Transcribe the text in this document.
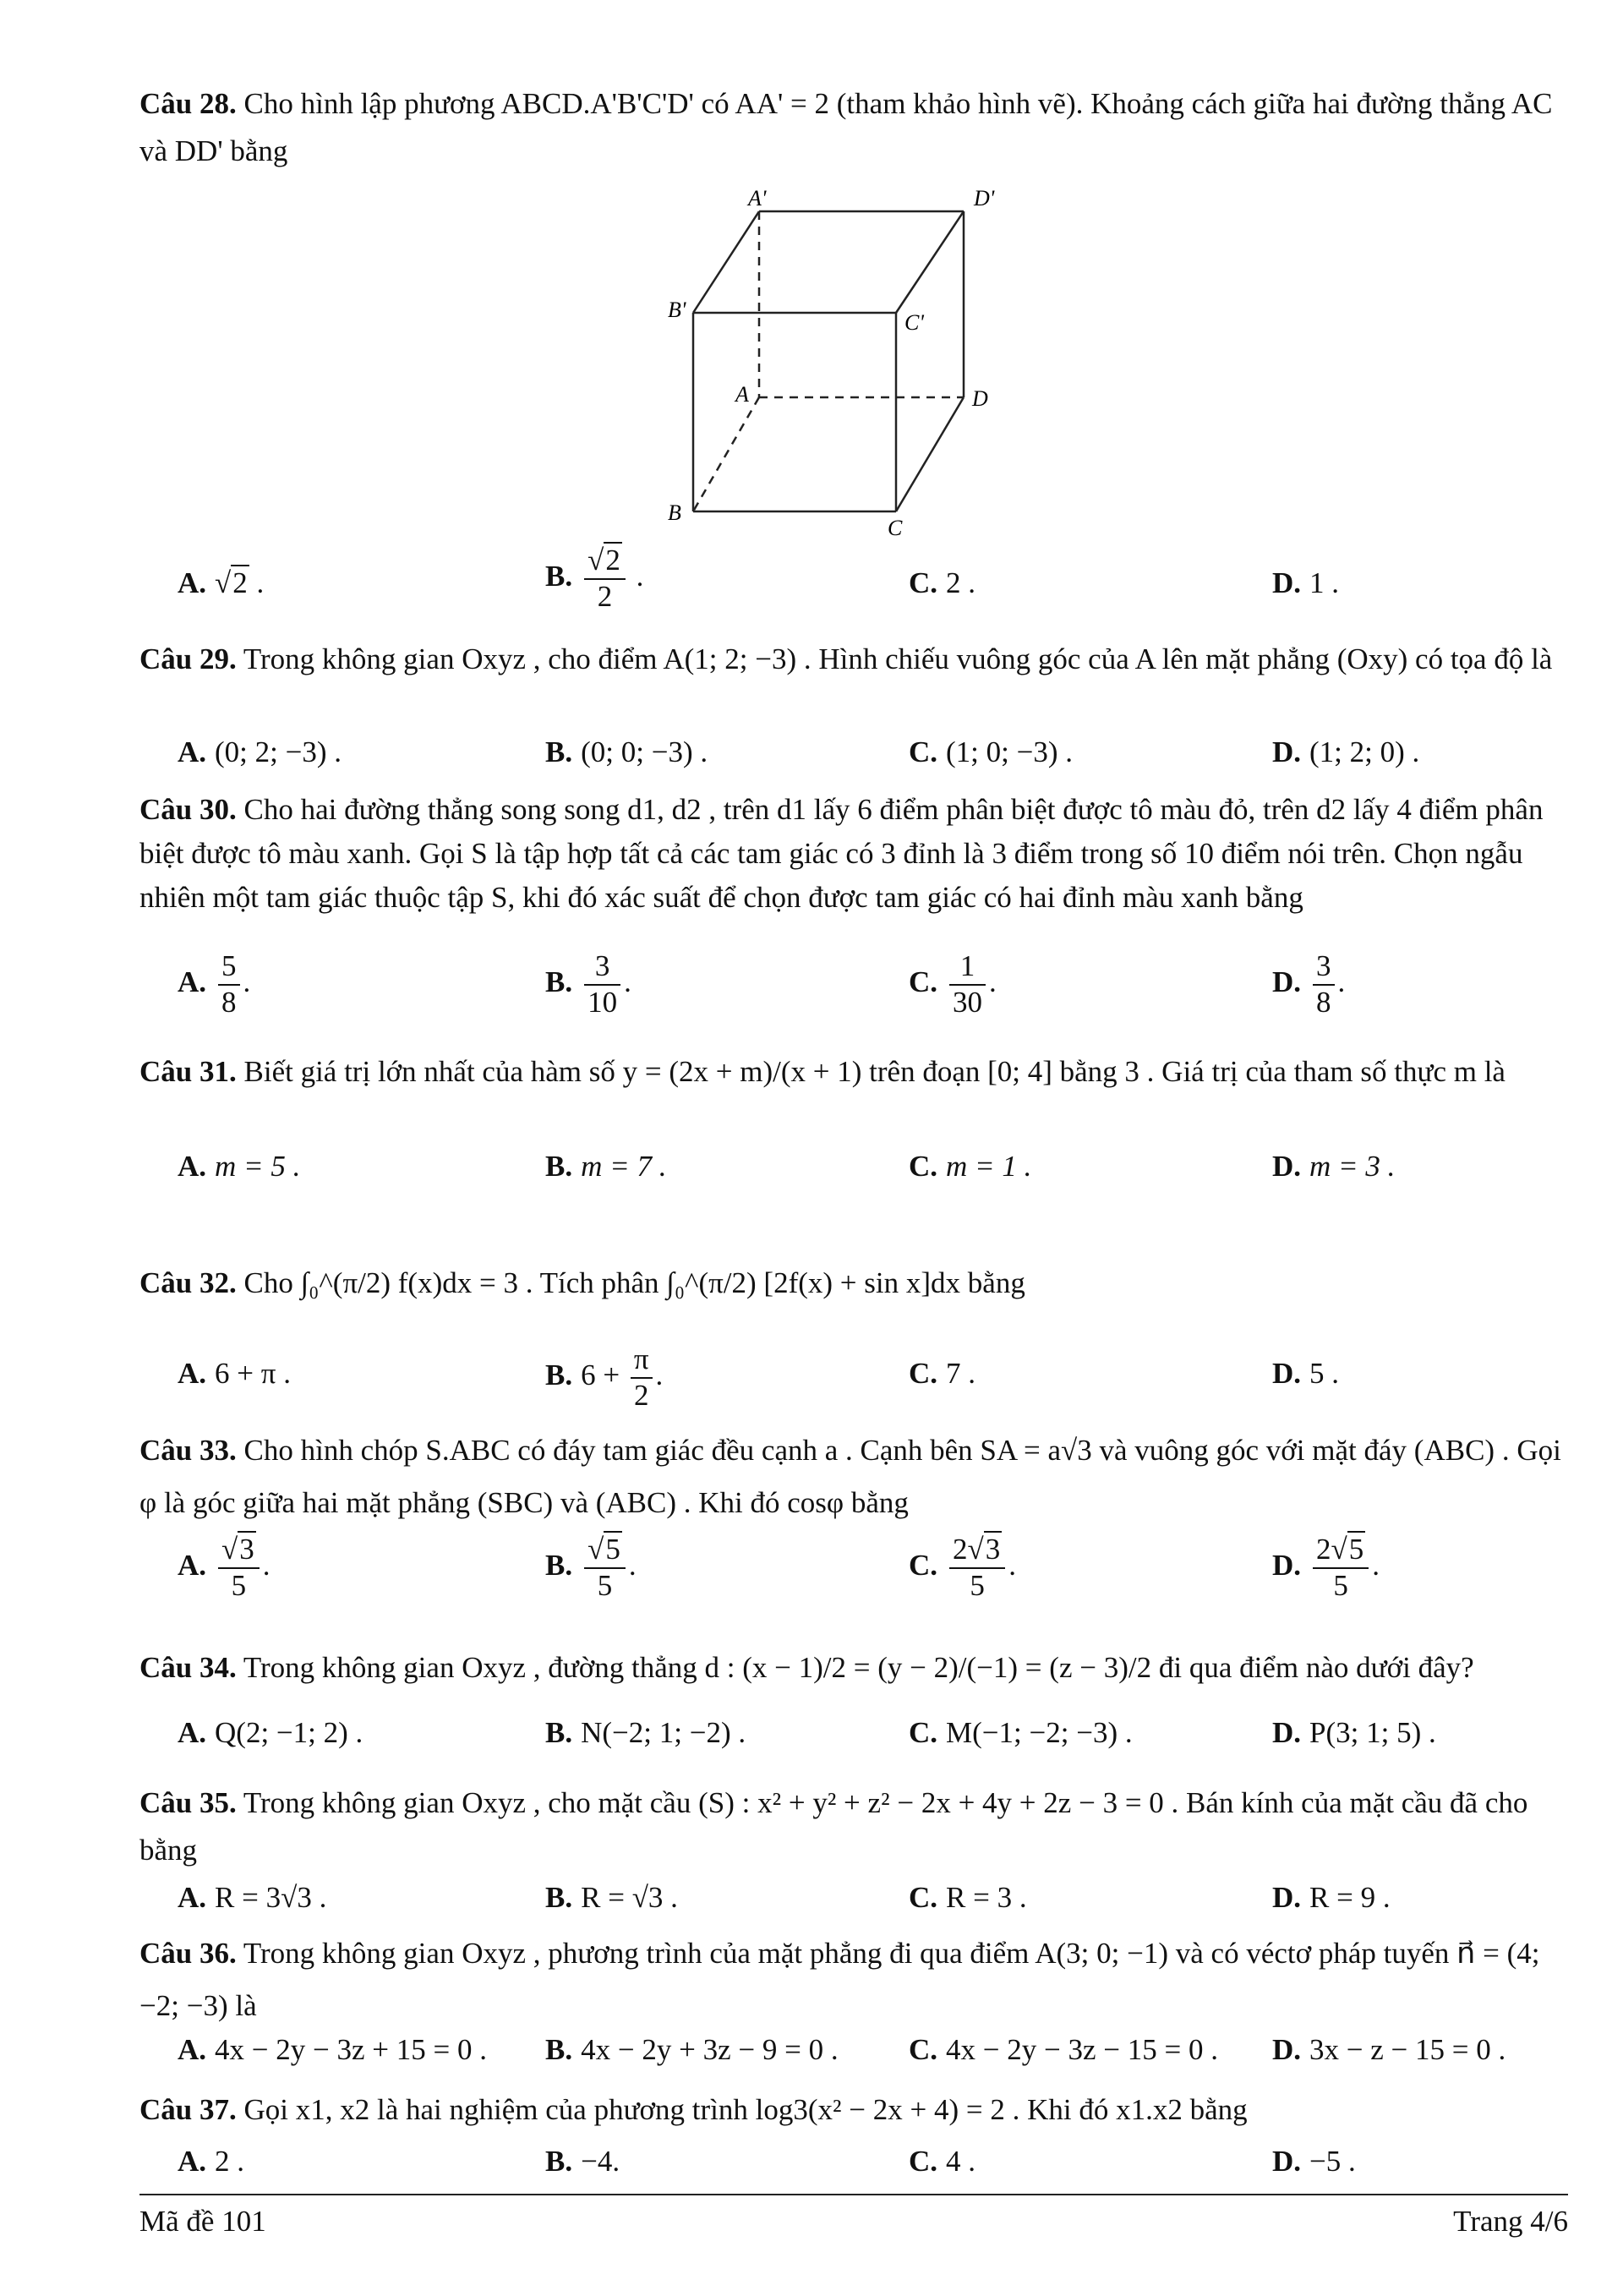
Câu 28. Cho hình lập phương ABCD.A'B'C'D' có AA' = 2 (tham khảo hình vẽ). Khoảng cách giữa hai đường thẳng AC và DD' bằng
A'	D'
B'
C'
A	D
B
C
A. √2 .	B. $\frac{√2}{2}$ .	C. 2 .	D. 1 .
Câu 29. Trong không gian Oxyz , cho điểm A(1; 2; −3) . Hình chiếu vuông góc của A lên mặt phẳng (Oxy) có tọa độ là
A. (0; 2; −3) .	B. (0; 0; −3) .	C. (1; 0; −3) .	D. (1; 2; 0) .
Câu 30. Cho hai đường thẳng song song d1, d2 , trên d1 lấy 6 điểm phân biệt được tô màu đỏ, trên d2 lấy 4 điểm phân biệt được tô màu xanh. Gọi S là tập hợp tất cả các tam giác có 3 đỉnh là 3 điểm trong số 10 điểm nói trên. Chọn ngẫu nhiên một tam giác thuộc tập S, khi đó xác suất để chọn được tam giác có hai đỉnh màu xanh bằng
A. $\frac{5}{8}$ .	B. $\frac{3}{10}$ .	C. $\frac{1}{30}$ .	D. $\frac{3}{8}$ .
Câu 31. Biết giá trị lớn nhất của hàm số y = (2x + m)/(x + 1) trên đoạn [0; 4] bằng 3 . Giá trị của tham số thực m là
A. m = 5 .	B. m = 7 .	C. m = 1 .	D. m = 3 .
Câu 32. Cho ∫₀^(π/2) f(x)dx = 3 . Tích phân ∫₀^(π/2) [2f(x) + sin x]dx bằng
A. 6 + π .	B. $6 + \frac{\pi}{2}$ .	C. 7 .	D. 5 .
Câu 33. Cho hình chóp S.ABC có đáy tam giác đều cạnh a . Cạnh bên SA = a√3 và vuông góc với mặt đáy (ABC) . Gọi φ là góc giữa hai mặt phẳng (SBC) và (ABC) . Khi đó cosφ bằng
A. $\frac{√3}{5}$ .	B. $\frac{√5}{5}$ .	C. $\frac{2√3}{5}$ .	D. $\frac{2√5}{5}$ .
Câu 34. Trong không gian Oxyz , đường thẳng d : (x − 1)/2 = (y − 2)/(−1) = (z − 3)/2 đi qua điểm nào dưới đây?
A. Q(2; −1; 2) .	B. N(−2; 1; −2) .	C. M(−1; −2; −3) .	D. P(3; 1; 5) .
Câu 35. Trong không gian Oxyz , cho mặt cầu (S) : x² + y² + z² − 2x + 4y + 2z − 3 = 0 . Bán kính của mặt cầu đã cho bằng
A. R = 3√3 .	B. R = √3 .	C. R = 3 .	D. R = 9 .
Câu 36. Trong không gian Oxyz , phương trình của mặt phẳng đi qua điểm A(3; 0; −1) và có véctơ pháp tuyến n⃗ = (4; −2; −3) là
A. 4x − 2y − 3z + 15 = 0 . B. 4x − 2y + 3z − 9 = 0 . C. 4x − 2y − 3z − 15 = 0 . D. 3x − z − 15 = 0 .
Câu 37. Gọi x1, x2 là hai nghiệm của phương trình log3(x² − 2x + 4) = 2 . Khi đó x1.x2 bằng
A. 2 .	B. −4.	C. 4 .	D. −5 .
Mã đề 101	Trang 4/6
